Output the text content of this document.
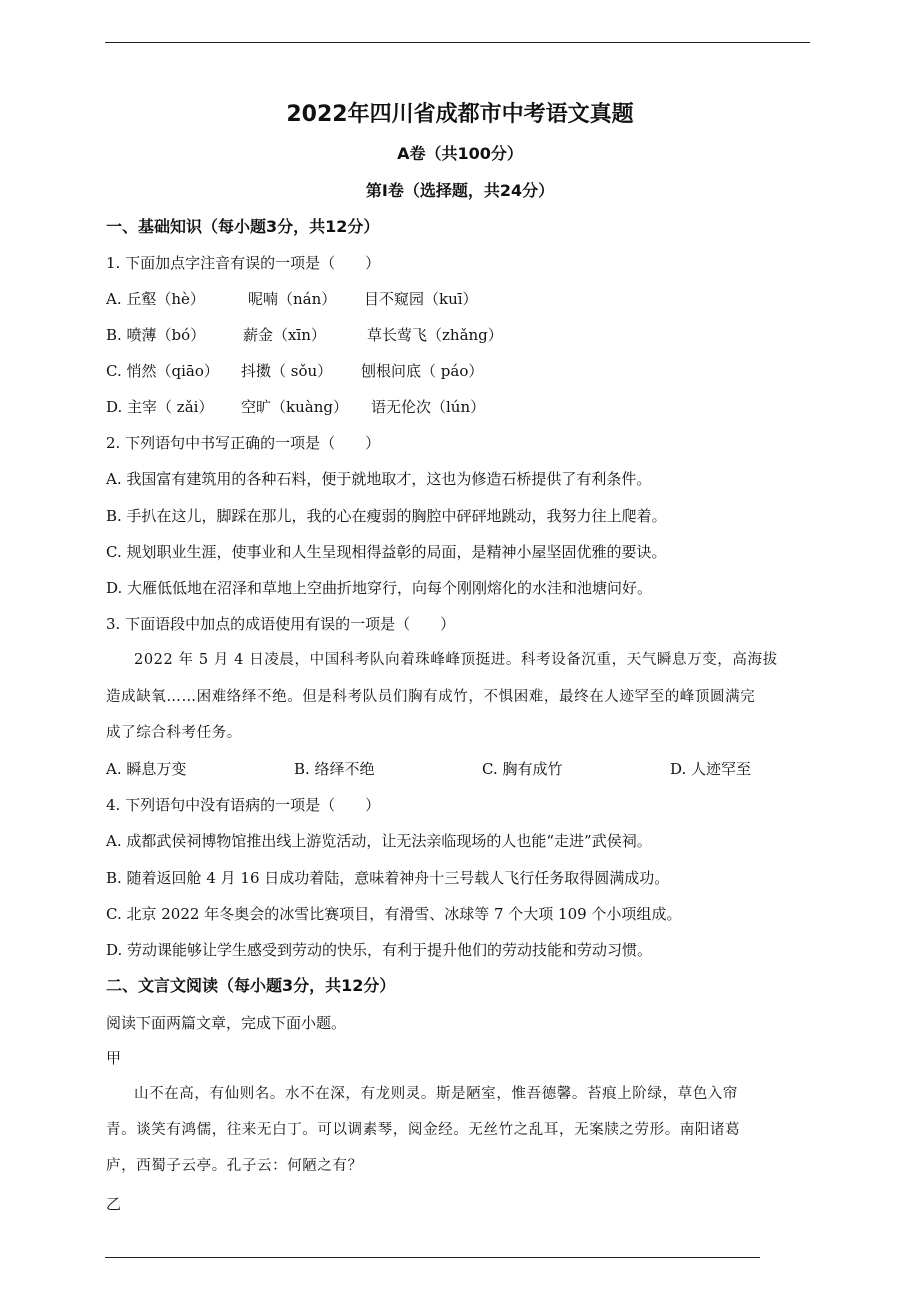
2022年四川省成都市中考语文真题
A卷（共100分）
第Ⅰ卷（选择题，共24分）
一、基础知识（每小题3分，共12分）
1. 下面加点字注音有误的一项是（　　）
A. 丘壑（hè）	呢喃（nán） 目不窥园（kuī）
B. 喷薄（bó）	薪金（xīn）	草长莺飞（zhǎng）
C. 悄然（qiāo） 抖擞（ sǒu） 刨根问底（ páo）
D. 主宰（ zǎi） 空旷（kuàng） 语无伦次（lún）
2. 下列语句中书写正确的一项是（　　）
A. 我国富有建筑用的各种石料，便于就地取才，这也为修造石桥提供了有利条件。
B. 手扒在这儿，脚踩在那儿，我的心在瘦弱的胸腔中砰砰地跳动，我努力往上爬着。
C. 规划职业生涯，使事业和人生呈现相得益彰的局面，是精神小屋坚固优雅的要诀。
D. 大雁低低地在沼泽和草地上空曲折地穿行，向每个刚刚熔化的水洼和池塘问好。
3. 下面语段中加点的成语使用有误的一项是（　　）
2022 年 5 月 4 日凌晨，中国科考队向着珠峰峰顶挺进。科考设备沉重，天气瞬息万变，高海拔
造成缺氧……困难络绎不绝。但是科考队员们胸有成竹，不惧困难，最终在人迹罕至的峰顶圆满完
成了综合科考任务。
A. 瞬息万变	B. 络绎不绝	C. 胸有成竹	D. 人迹罕至
4. 下列语句中没有语病的一项是（　　）
A. 成都武侯祠博物馆推出线上游览活动，让无法亲临现场的人也能“走进”武侯祠。
B. 随着返回舱 4 月 16 日成功着陆，意味着神舟十三号载人飞行任务取得圆满成功。
C. 北京 2022 年冬奥会的冰雪比赛项目，有滑雪、冰球等 7 个大项 109 个小项组成。
D. 劳动课能够让学生感受到劳动的快乐，有利于提升他们的劳动技能和劳动习惯。
二、文言文阅读（每小题3分，共12分）
阅读下面两篇文章，完成下面小题。
甲
山不在高，有仙则名。水不在深，有龙则灵。斯是陋室，惟吾德馨。苔痕上阶绿，草色入帘
青。谈笑有鸿儒，往来无白丁。可以调素琴，阅金经。无丝竹之乱耳，无案牍之劳形。南阳诸葛
庐，西蜀子云亭。孔子云：何陋之有？
乙
